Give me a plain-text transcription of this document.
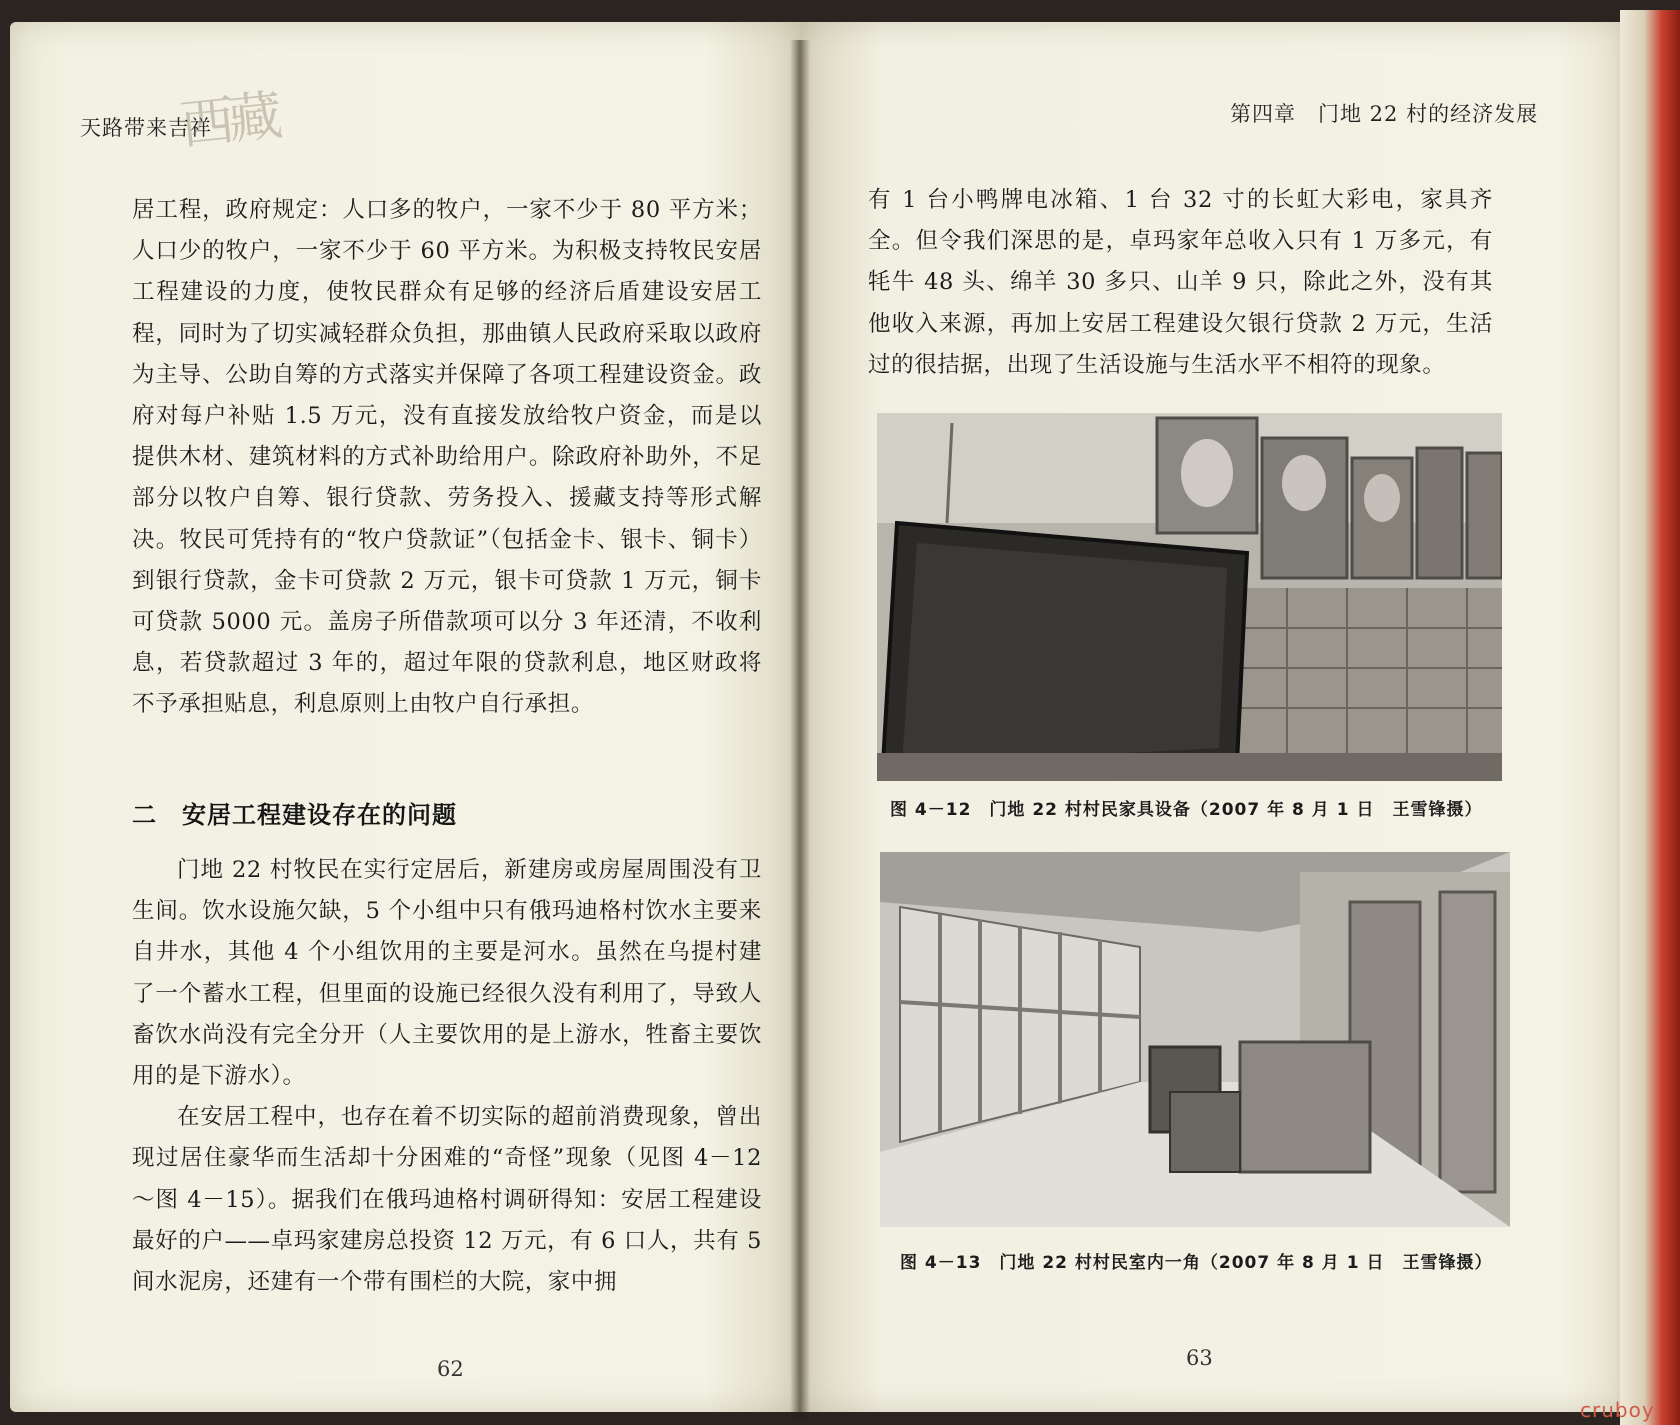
天路带来吉祥
西藏

居工程，政府规定：人口多的牧户，一家不少于 80 平方米；人口少的牧户，一家不少于 60 平方米。为积极支持牧民安居工程建设的力度，使牧民群众有足够的经济后盾建设安居工程，同时为了切实减轻群众负担，那曲镇人民政府采取以政府为主导、公助自筹的方式落实并保障了各项工程建设资金。政府对每户补贴 1.5 万元，没有直接发放给牧户资金，而是以提供木材、建筑材料的方式补助给用户。除政府补助外，不足部分以牧户自筹、银行贷款、劳务投入、援藏支持等形式解决。牧民可凭持有的“牧户贷款证”（包括金卡、银卡、铜卡）到银行贷款，金卡可贷款 2 万元，银卡可贷款 1 万元，铜卡可贷款 5000 元。盖房子所借款项可以分 3 年还清，不收利息，若贷款超过 3 年的，超过年限的贷款利息，地区财政将不予承担贴息，利息原则上由牧户自行承担。

二　安居工程建设存在的问题

门地 22 村牧民在实行定居后，新建房或房屋周围没有卫生间。饮水设施欠缺，5 个小组中只有俄玛迪格村饮水主要来自井水，其他 4 个小组饮用的主要是河水。虽然在乌提村建了一个蓄水工程，但里面的设施已经很久没有利用了，导致人畜饮水尚没有完全分开（人主要饮用的是上游水，牲畜主要饮用的是下游水）。

在安居工程中，也存在着不切实际的超前消费现象，曾出现过居住豪华而生活却十分困难的“奇怪”现象（见图 4－12～图 4－15）。据我们在俄玛迪格村调研得知：安居工程建设最好的户——卓玛家建房总投资 12 万元，有 6 口人，共有 5 间水泥房，还建有一个带有围栏的大院，家中拥

62
第四章　门地 22 村的经济发展

有 1 台小鸭牌电冰箱、1 台 32 寸的长虹大彩电，家具齐全。但令我们深思的是，卓玛家年总收入只有 1 万多元，有牦牛 48 头、绵羊 30 多只、山羊 9 只，除此之外，没有其他收入来源，再加上安居工程建设欠银行贷款 2 万元，生活过的很拮据，出现了生活设施与生活水平不相符的现象。

图 4－12　门地 22 村村民家具设备（2007 年 8 月 1 日　王雪锋摄）
图 4－13　门地 22 村村民室内一角（2007 年 8 月 1 日　王雪锋摄）
63
cruboy
